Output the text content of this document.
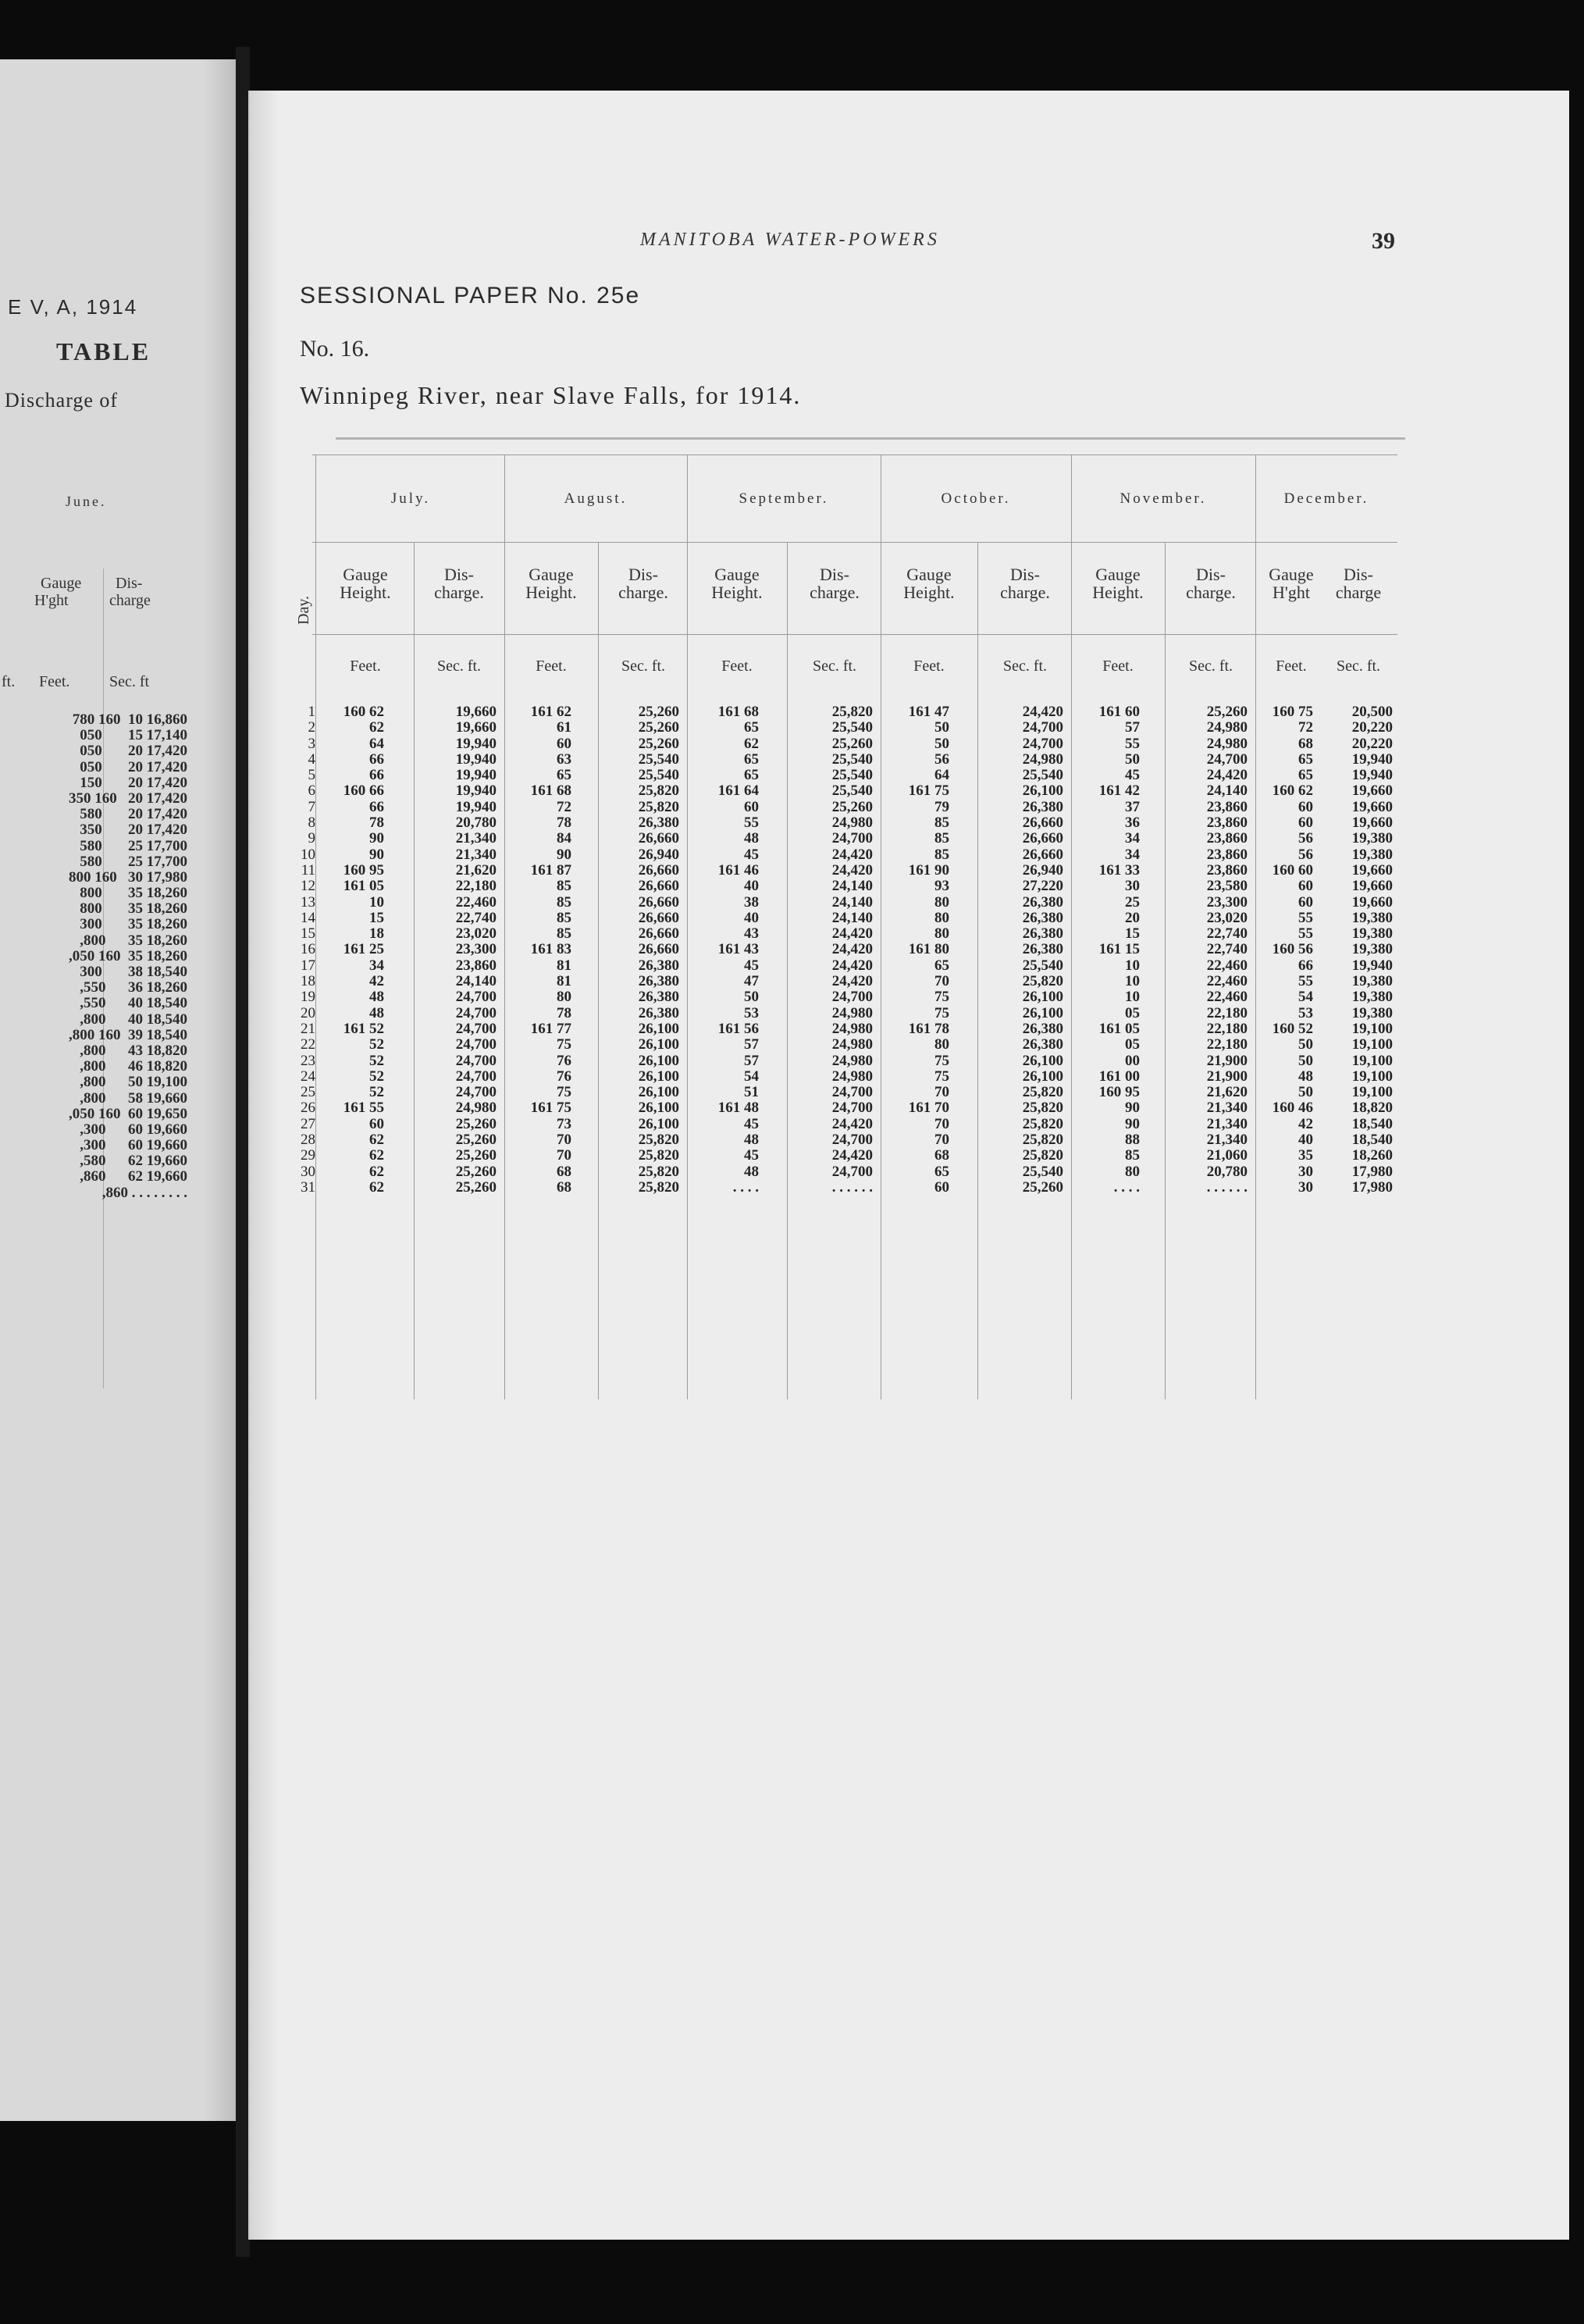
E V, A, 1914
TABLE
Discharge of
June.
Gauge
H'ght
Dis-
charge
ft. Feet.	Sec. ft
780 160  10 16,860
050       15 17,140
050       20 17,420
050       20 17,420
150       20 17,420
350 160   20 17,420
580       20 17,420
350       20 17,420
580       25 17,700
580       25 17,700
800 160   30 17,980
800       35 18,260
800       35 18,260
300       35 18,260
,800      35 18,260
,050 160  35 18,260
300       38 18,540
,550      36 18,260
,550      40 18,540
,800      40 18,540
,800 160  39 18,540
,800      43 18,820
,800      46 18,820
,800      50 19,100
,800      58 19,660
,050 160  60 19,650
,300      60 19,660
,300      60 19,660
,580      62 19,660
,860      62 19,660
,860 . . . . . . . .
MANITOBA WATER-POWERS	39
SESSIONAL PAPER No. 25e
No. 16.
Winnipeg River, near Slave Falls, for 1914.
Day.
July.	August.	September.	October.	November.	December.
Gauge
Height.
Dis-
charge.
Gauge
Height.
Dis-
charge.
Gauge
Height.
Dis-
charge.
Gauge
Height.
Dis-
charge.
Gauge
Height.
Dis-
charge.
Gauge
H'ght
Dis-
charge
Feet.	Sec. ft.	Feet.	Sec. ft.	Feet.	Sec. ft.	Feet.	Sec. ft.	Feet.	Sec. ft.	Feet.	Sec. ft.
1	160 62	19,660	161 62	25,260	161 68	25,820	161 47	24,420	161 60	25,260	160 75	20,500
2	62	19,660	61	25,260	65	25,540	50	24,700	57	24,980	72	20,220
3	64	19,940	60	25,260	62	25,260	50	24,700	55	24,980	68	20,220
4	66	19,940	63	25,540	65	25,540	56	24,980	50	24,700	65	19,940
5	66	19,940	65	25,540	65	25,540	64	25,540	45	24,420	65	19,940
6	160 66	19,940	161 68	25,820	161 64	25,540	161 75	26,100	161 42	24,140	160 62	19,660
7	66	19,940	72	25,820	60	25,260	79	26,380	37	23,860	60	19,660
8	78	20,780	78	26,380	55	24,980	85	26,660	36	23,860	60	19,660
9	90	21,340	84	26,660	48	24,700	85	26,660	34	23,860	56	19,380
10	90	21,340	90	26,940	45	24,420	85	26,660	34	23,860	56	19,380
11	160 95	21,620	161 87	26,660	161 46	24,420	161 90	26,940	161 33	23,860	160 60	19,660
12	161 05	22,180	85	26,660	40	24,140	93	27,220	30	23,580	60	19,660
13	10	22,460	85	26,660	38	24,140	80	26,380	25	23,300	60	19,660
14	15	22,740	85	26,660	40	24,140	80	26,380	20	23,020	55	19,380
15	18	23,020	85	26,660	43	24,420	80	26,380	15	22,740	55	19,380
16	161 25	23,300	161 83	26,660	161 43	24,420	161 80	26,380	161 15	22,740	160 56	19,380
17	34	23,860	81	26,380	45	24,420	65	25,540	10	22,460	66	19,940
18	42	24,140	81	26,380	47	24,420	70	25,820	10	22,460	55	19,380
19	48	24,700	80	26,380	50	24,700	75	26,100	10	22,460	54	19,380
20	48	24,700	78	26,380	53	24,980	75	26,100	05	22,180	53	19,380
21	161 52	24,700	161 77	26,100	161 56	24,980	161 78	26,380	161 05	22,180	160 52	19,100
22	52	24,700	75	26,100	57	24,980	80	26,380	05	22,180	50	19,100
23	52	24,700	76	26,100	57	24,980	75	26,100	00	21,900	50	19,100
24	52	24,700	76	26,100	54	24,980	75	26,100	161 00	21,900	48	19,100
25	52	24,700	75	26,100	51	24,700	70	25,820	160 95	21,620	50	19,100
26	161 55	24,980	161 75	26,100	161 48	24,700	161 70	25,820	90	21,340	160 46	18,820
27	60	25,260	73	26,100	45	24,420	70	25,820	90	21,340	42	18,540
28	62	25,260	70	25,820	48	24,700	70	25,820	88	21,340	40	18,540
29	62	25,260	70	25,820	45	24,420	68	25,820	85	21,060	35	18,260
30	62	25,260	68	25,820	48	24,700	65	25,540	80	20,780	30	17,980
31	62	25,260	68	25,820	. . . .	. . . . . .	60	25,260	. . . .	. . . . . .	30	17,980
